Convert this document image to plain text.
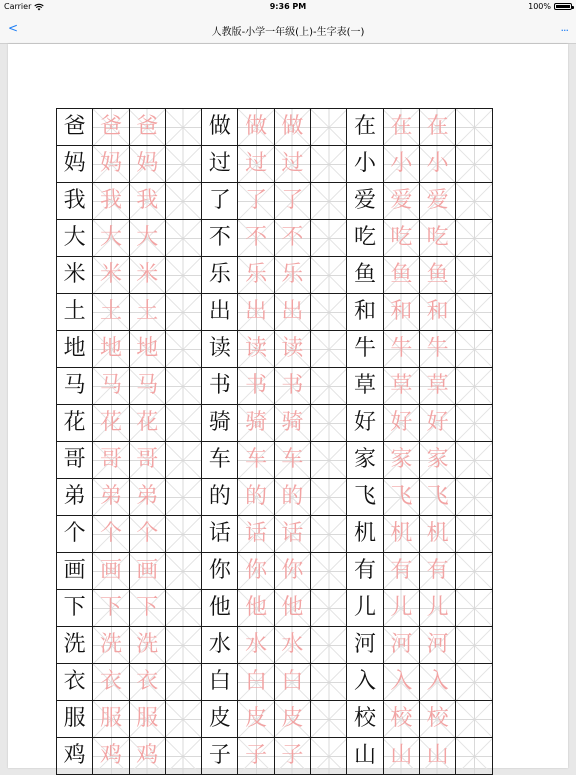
Carrier	9:36 PM	100%
<	人教版-小学一年级(上)-生字表(一)	...
爸	爸	爸		做	做	做		在	在	在	
妈	妈	妈		过	过	过		小	小	小	
我	我	我		了	了	了		爱	爱	爱	
大	大	大		不	不	不		吃	吃	吃	
米	米	米		乐	乐	乐		鱼	鱼	鱼	
土	土	土		出	出	出		和	和	和	
地	地	地		读	读	读		牛	牛	牛	
马	马	马		书	书	书		草	草	草	
花	花	花		骑	骑	骑		好	好	好	
哥	哥	哥		车	车	车		家	家	家	
弟	弟	弟		的	的	的		飞	飞	飞	
个	个	个		话	话	话		机	机	机	
画	画	画		你	你	你		有	有	有	
下	下	下		他	他	他		儿	儿	儿	
洗	洗	洗		水	水	水		河	河	河	
衣	衣	衣		白	白	白		入	入	入	
服	服	服		皮	皮	皮		校	校	校	
鸡	鸡	鸡		子	子	子		山	山	山	
